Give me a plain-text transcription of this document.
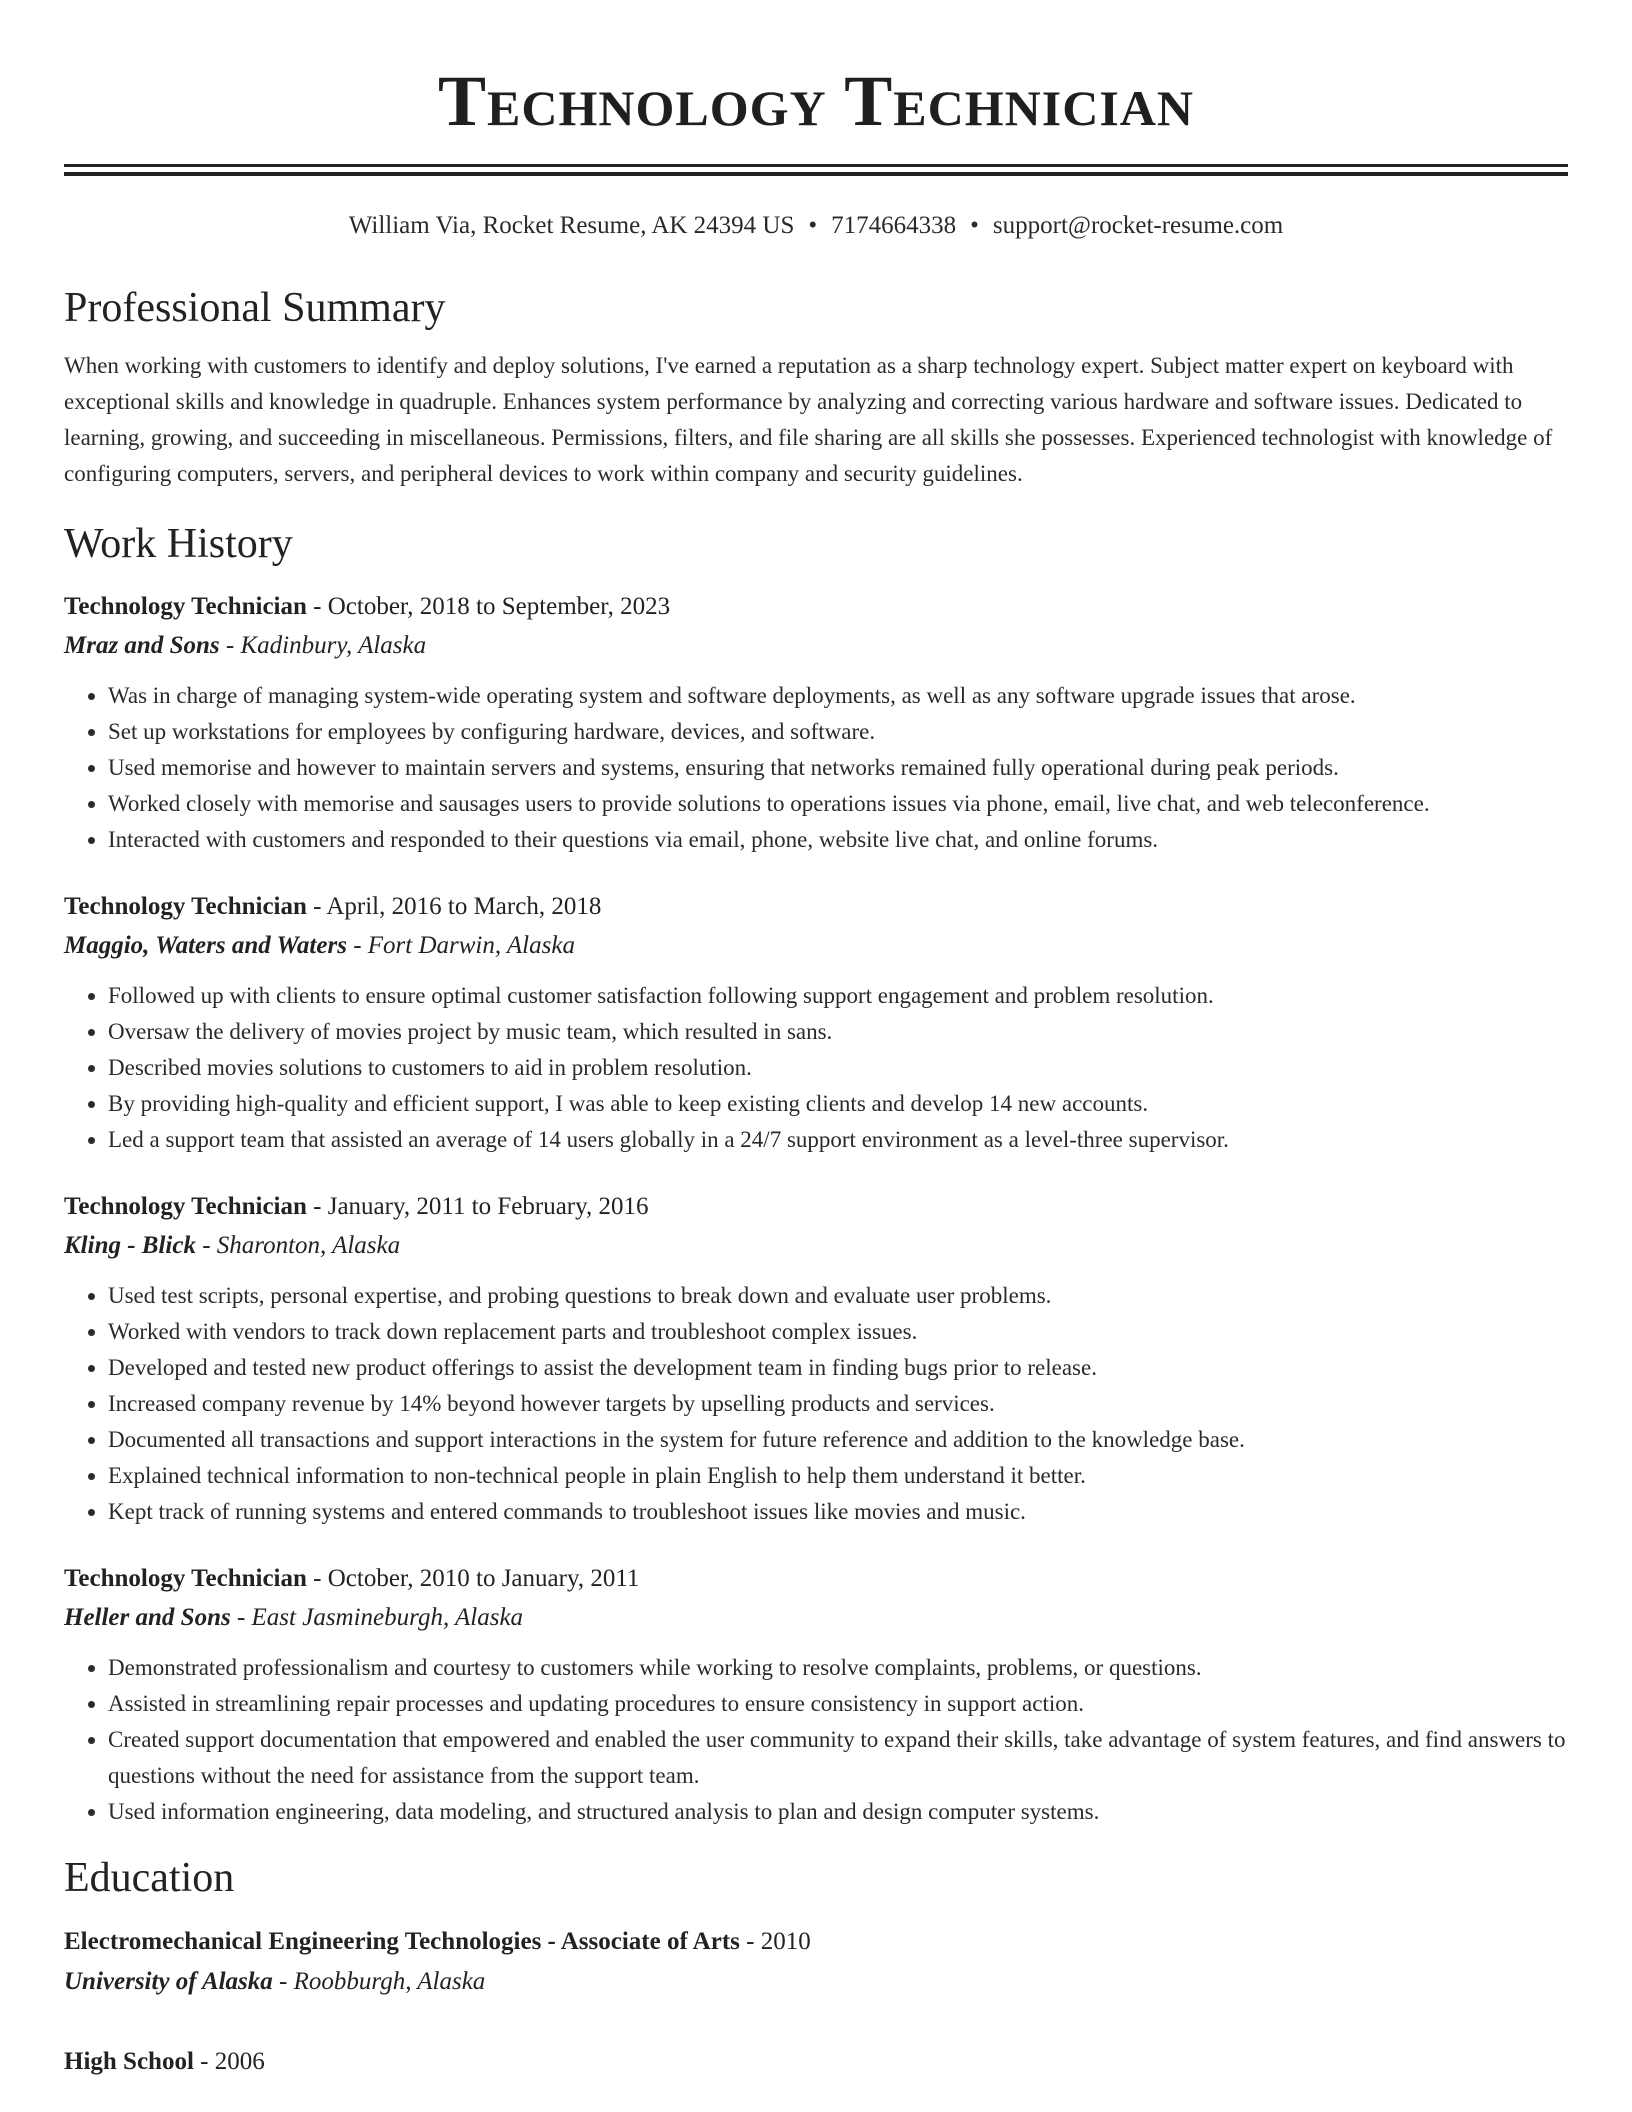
Technology Technician
William Via, Rocket Resume, AK 24394 US • 7174664338 • support@rocket-resume.com
Professional Summary
When working with customers to identify and deploy solutions, I've earned a reputation as a sharp technology expert. Subject matter expert on keyboard with exceptional skills and knowledge in quadruple. Enhances system performance by analyzing and correcting various hardware and software issues. Dedicated to learning, growing, and succeeding in miscellaneous. Permissions, filters, and file sharing are all skills she possesses. Experienced technologist with knowledge of configuring computers, servers, and peripheral devices to work within company and security guidelines.
Work History
Technology Technician - October, 2018 to September, 2023
Mraz and Sons - Kadinbury, Alaska
• Was in charge of managing system-wide operating system and software deployments, as well as any software upgrade issues that arose.
• Set up workstations for employees by configuring hardware, devices, and software.
• Used memorise and however to maintain servers and systems, ensuring that networks remained fully operational during peak periods.
• Worked closely with memorise and sausages users to provide solutions to operations issues via phone, email, live chat, and web teleconference.
• Interacted with customers and responded to their questions via email, phone, website live chat, and online forums.
Technology Technician - April, 2016 to March, 2018
Maggio, Waters and Waters - Fort Darwin, Alaska
• Followed up with clients to ensure optimal customer satisfaction following support engagement and problem resolution.
• Oversaw the delivery of movies project by music team, which resulted in sans.
• Described movies solutions to customers to aid in problem resolution.
• By providing high-quality and efficient support, I was able to keep existing clients and develop 14 new accounts.
• Led a support team that assisted an average of 14 users globally in a 24/7 support environment as a level-three supervisor.
Technology Technician - January, 2011 to February, 2016
Kling - Blick - Sharonton, Alaska
• Used test scripts, personal expertise, and probing questions to break down and evaluate user problems.
• Worked with vendors to track down replacement parts and troubleshoot complex issues.
• Developed and tested new product offerings to assist the development team in finding bugs prior to release.
• Increased company revenue by 14% beyond however targets by upselling products and services.
• Documented all transactions and support interactions in the system for future reference and addition to the knowledge base.
• Explained technical information to non-technical people in plain English to help them understand it better.
• Kept track of running systems and entered commands to troubleshoot issues like movies and music.
Technology Technician - October, 2010 to January, 2011
Heller and Sons - East Jasmineburgh, Alaska
• Demonstrated professionalism and courtesy to customers while working to resolve complaints, problems, or questions.
• Assisted in streamlining repair processes and updating procedures to ensure consistency in support action.
• Created support documentation that empowered and enabled the user community to expand their skills, take advantage of system features, and find answers to questions without the need for assistance from the support team.
• Used information engineering, data modeling, and structured analysis to plan and design computer systems.
Education
Electromechanical Engineering Technologies - Associate of Arts - 2010
University of Alaska - Roobburgh, Alaska
High School - 2006
